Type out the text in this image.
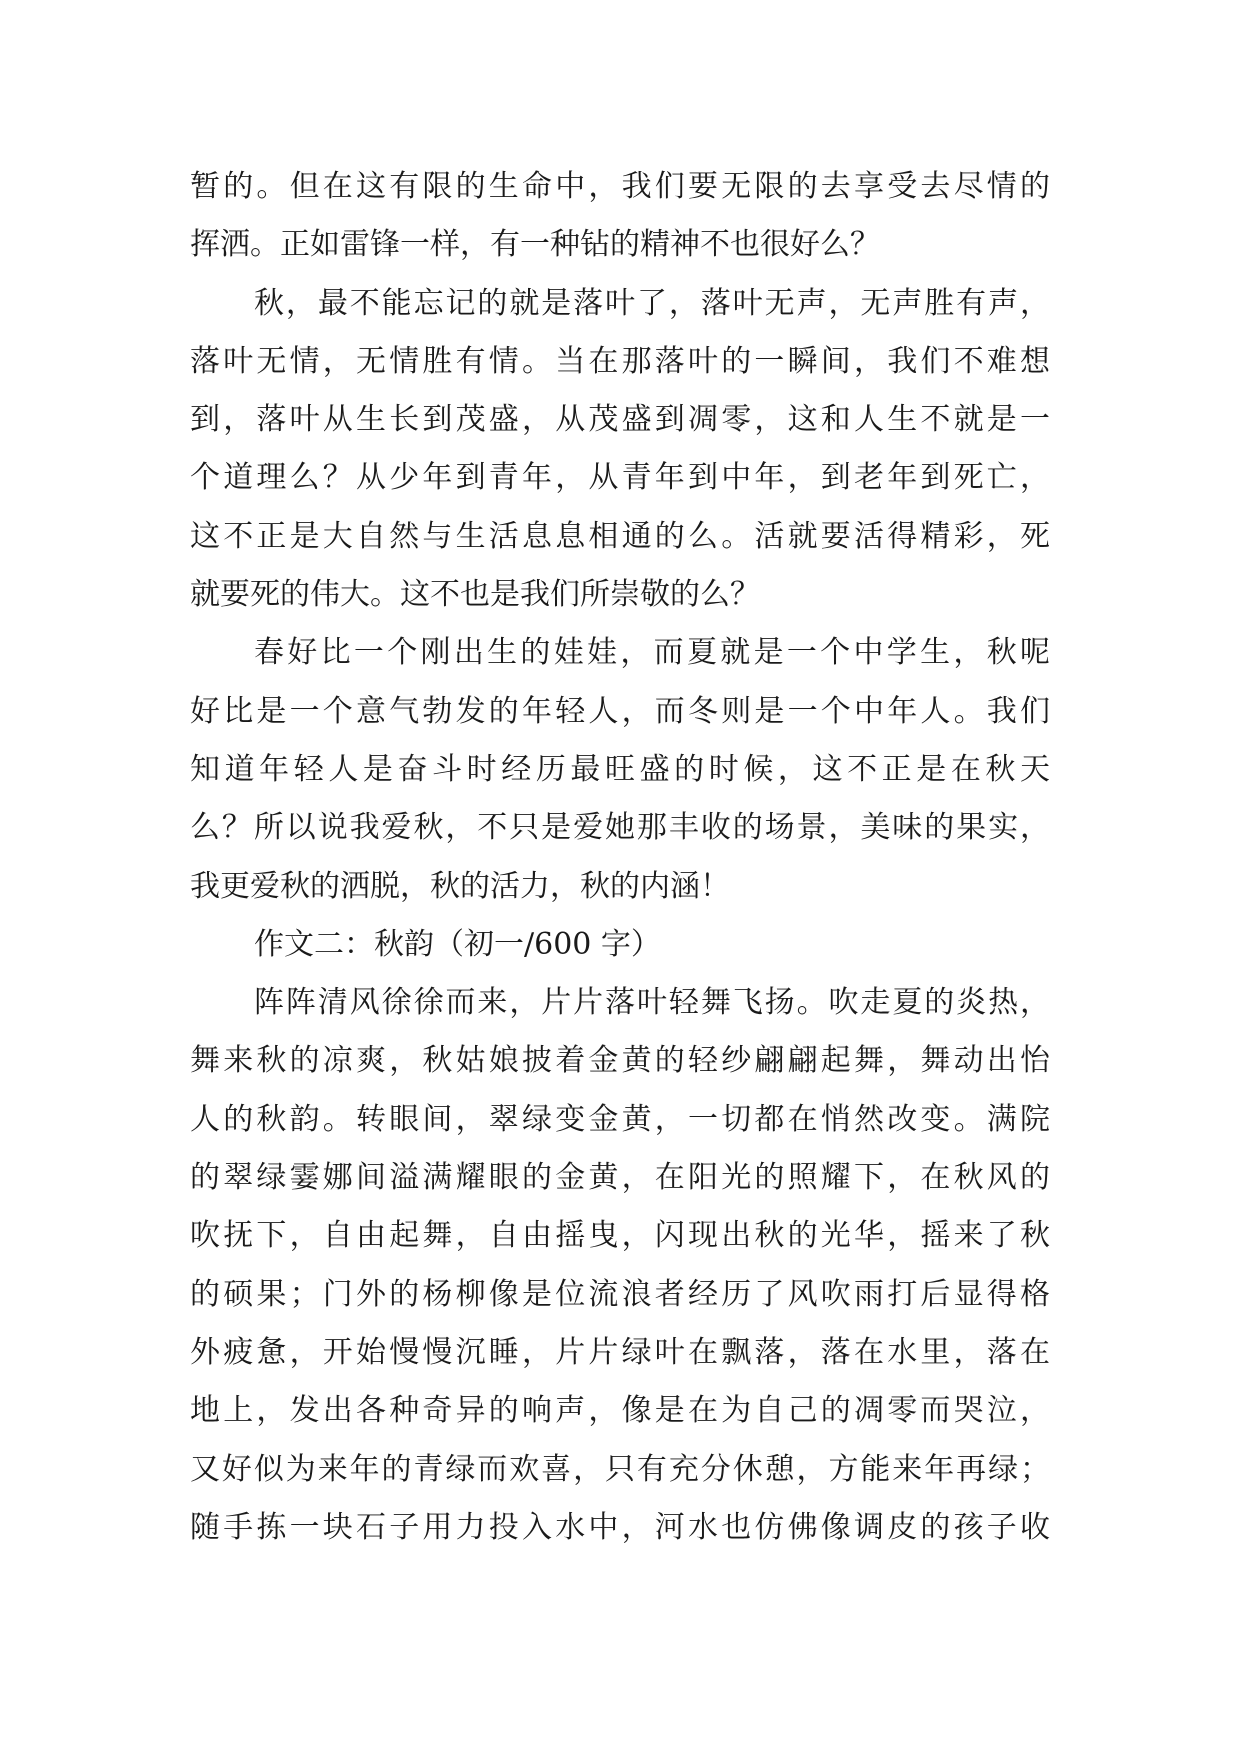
暂的。但在这有限的生命中，我们要无限的去享受去尽情的
挥洒。正如雷锋一样，有一种钻的精神不也很好么？
秋，最不能忘记的就是落叶了，落叶无声，无声胜有声，
落叶无情，无情胜有情。当在那落叶的一瞬间，我们不难想
到，落叶从生长到茂盛，从茂盛到凋零，这和人生不就是一
个道理么？从少年到青年，从青年到中年，到老年到死亡，
这不正是大自然与生活息息相通的么。活就要活得精彩，死
就要死的伟大。这不也是我们所崇敬的么？
春好比一个刚出生的娃娃，而夏就是一个中学生，秋呢
好比是一个意气勃发的年轻人，而冬则是一个中年人。我们
知道年轻人是奋斗时经历最旺盛的时候，这不正是在秋天
么？所以说我爱秋，不只是爱她那丰收的场景，美味的果实，
我更爱秋的洒脱，秋的活力，秋的内涵！
作文二：秋韵（初一/600 字）
阵阵清风徐徐而来，片片落叶轻舞飞扬。吹走夏的炎热，
舞来秋的凉爽，秋姑娘披着金黄的轻纱翩翩起舞，舞动出怡
人的秋韵。转眼间，翠绿变金黄，一切都在悄然改变。满院
的翠绿霎娜间溢满耀眼的金黄，在阳光的照耀下，在秋风的
吹抚下，自由起舞，自由摇曳，闪现出秋的光华，摇来了秋
的硕果；门外的杨柳像是位流浪者经历了风吹雨打后显得格
外疲惫，开始慢慢沉睡，片片绿叶在飘落，落在水里，落在
地上，发出各种奇异的响声，像是在为自己的凋零而哭泣，
又好似为来年的青绿而欢喜，只有充分休憩，方能来年再绿；
随手拣一块石子用力投入水中，河水也仿佛像调皮的孩子收
